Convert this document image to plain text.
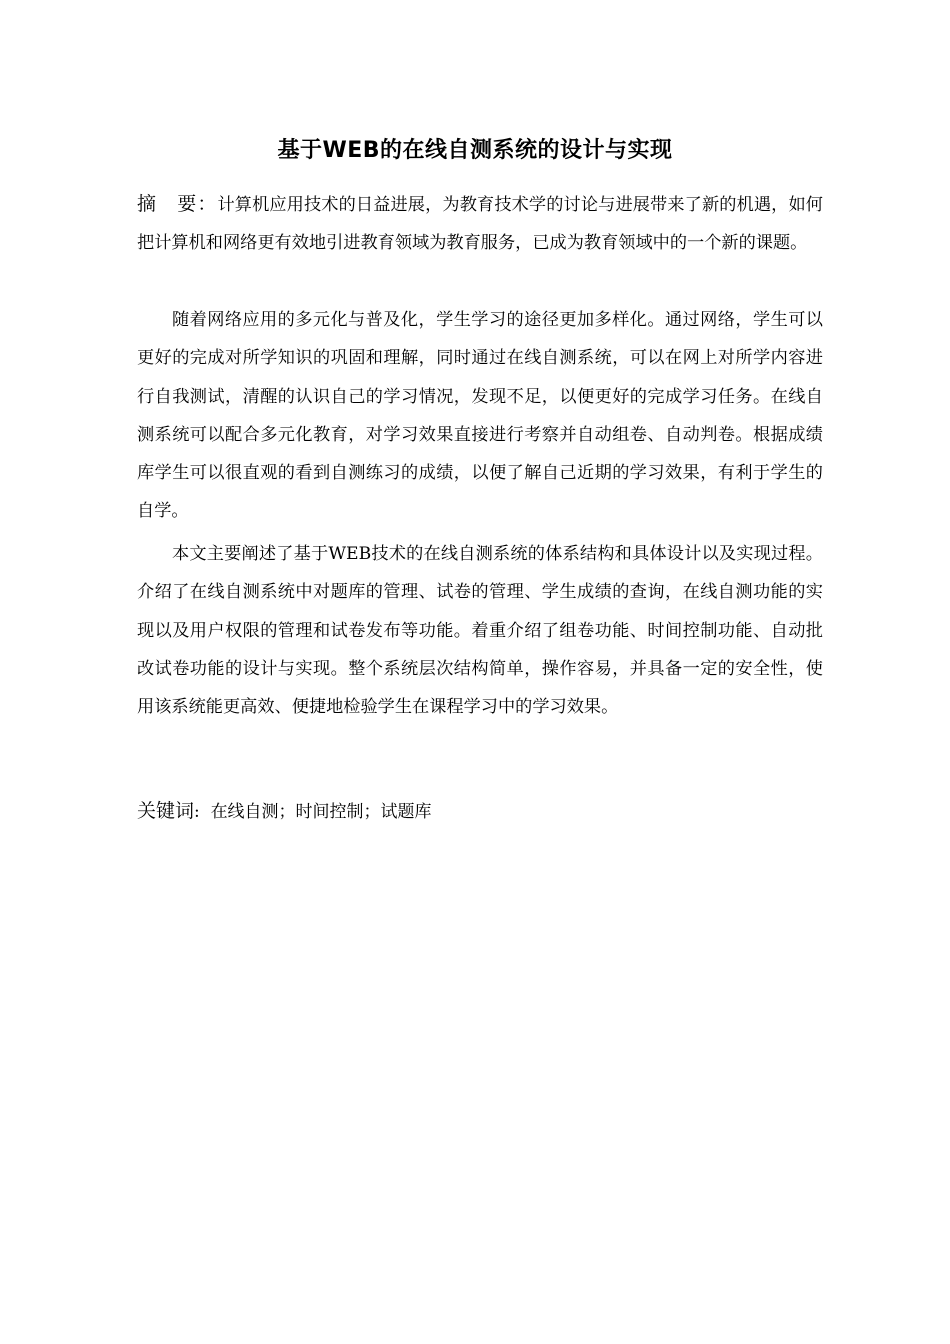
基于WEB的在线自测系统的设计与实现

摘　要：计算机应用技术的日益进展，为教育技术学的讨论与进展带来了新的机遇，如何把计算机和网络更有效地引进教育领域为教育服务，已成为教育领域中的一个新的课题。

随着网络应用的多元化与普及化，学生学习的途径更加多样化。通过网络，学生可以更好的完成对所学知识的巩固和理解，同时通过在线自测系统，可以在网上对所学内容进行自我测试，清醒的认识自己的学习情况，发现不足，以便更好的完成学习任务。在线自测系统可以配合多元化教育，对学习效果直接进行考察并自动组卷、自动判卷。根据成绩库学生可以很直观的看到自测练习的成绩，以便了解自己近期的学习效果，有利于学生的自学。

本文主要阐述了基于WEB技术的在线自测系统的体系结构和具体设计以及实现过程。介绍了在线自测系统中对题库的管理、试卷的管理、学生成绩的查询，在线自测功能的实现以及用户权限的管理和试卷发布等功能。着重介绍了组卷功能、时间控制功能、自动批改试卷功能的设计与实现。整个系统层次结构简单，操作容易，并具备一定的安全性，使用该系统能更高效、便捷地检验学生在课程学习中的学习效果。

关键词: 在线自测；时间控制；试题库
